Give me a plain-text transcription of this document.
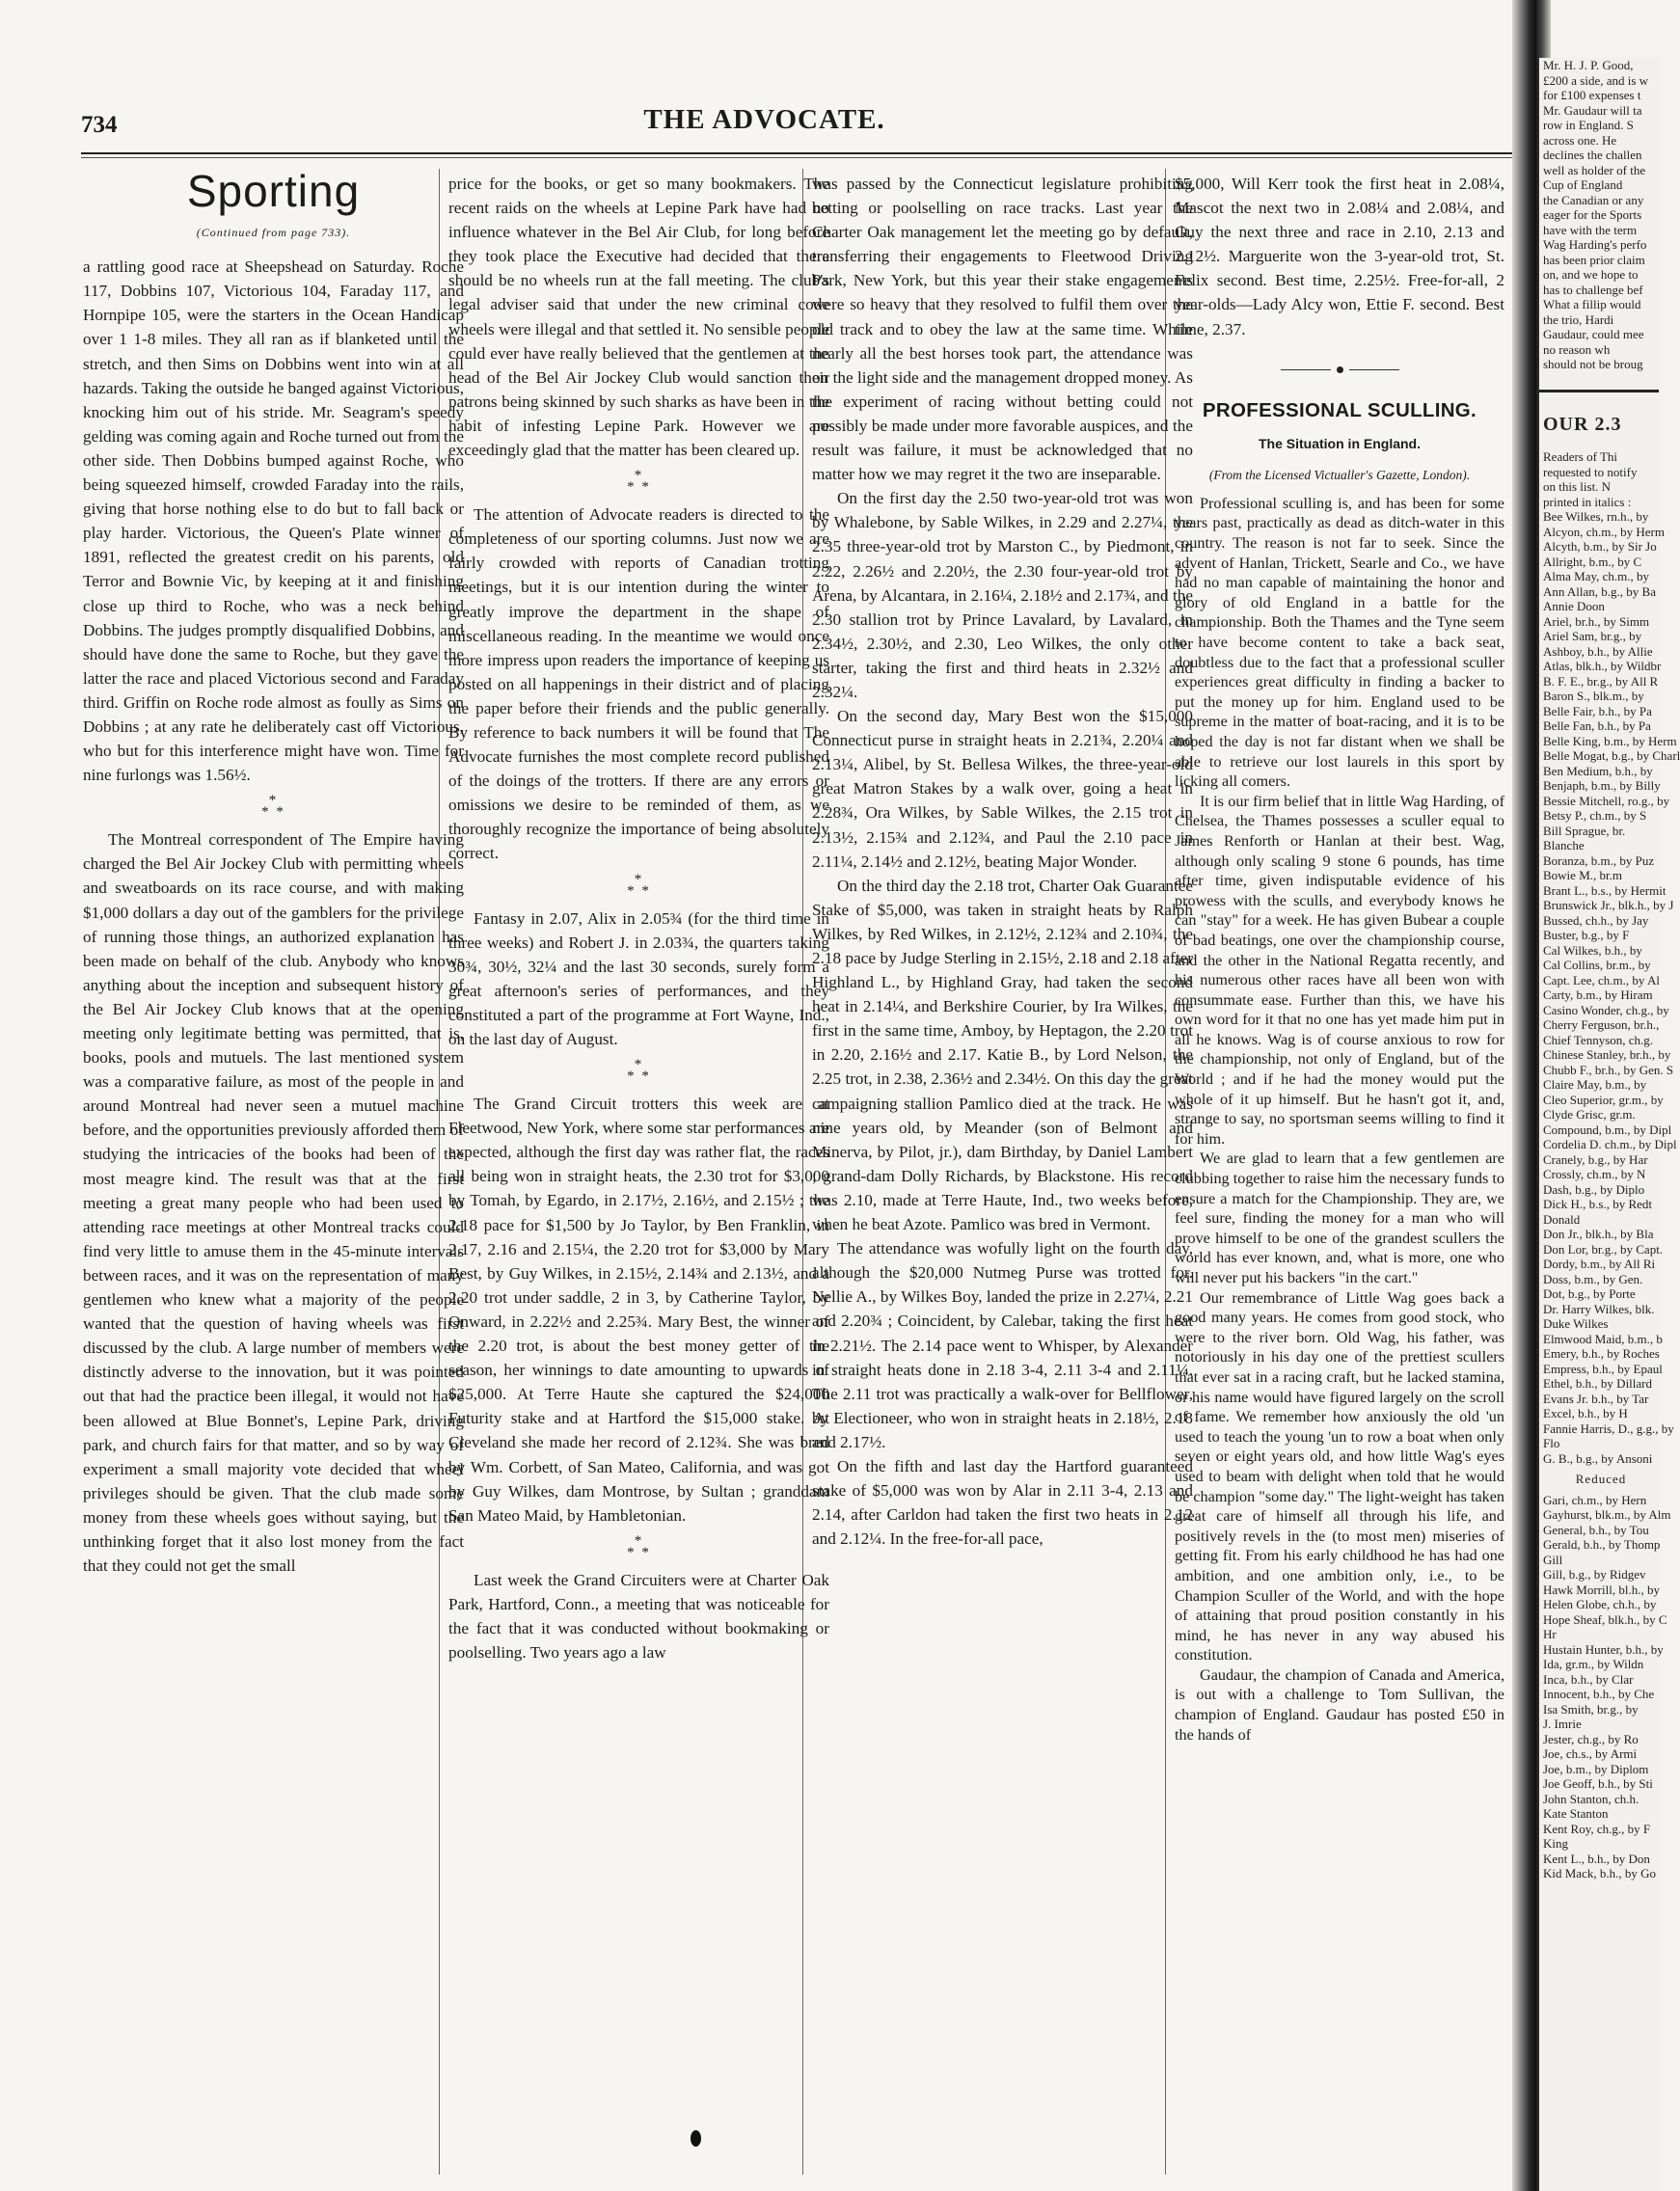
734	THE ADVOCATE.
Sporting
(Continued from page 733).

a rattling good race at Sheepshead on Saturday. Roche 117, Dobbins 107, Victorious 104, Faraday 117, and Hornpipe 105, were the starters in the Ocean Handicap over 1 1-8 miles. They all ran as if blanketed until the stretch, and then Sims on Dobbins went into win at all hazards. Taking the outside he banged against Victorious, knocking him out of his stride. Mr. Seagram's speedy gelding was coming again and Roche turned out from the other side. Then Dobbins bumped against Roche, who being squeezed himself, crowded Faraday into the rails, giving that horse nothing else to do but to fall back or play harder. Victorious, the Queen's Plate winner of 1891, reflected the greatest credit on his parents, old Terror and Bownie Vic, by keeping at it and finishing close up third to Roche, who was a neck behind Dobbins. The judges promptly disqualified Dobbins, and should have done the same to Roche, but they gave the latter the race and placed Victorious second and Faraday third. Griffin on Roche rode almost as foully as Sims on Dobbins ; at any rate he deliberately cast off Victorious, who but for this interference might have won. Time for nine furlongs was 1.56½.

*
* *

The Montreal correspondent of The Empire having charged the Bel Air Jockey Club with permitting wheels and sweatboards on its race course, and with making $1,000 dollars a day out of the gamblers for the privilege of running those things, an authorized explanation has been made on behalf of the club. Anybody who knows anything about the inception and subsequent history of the Bel Air Jockey Club knows that at the opening meeting only legitimate betting was permitted, that is, books, pools and mutuels. The last mentioned system was a comparative failure, as most of the people in and around Montreal had never seen a mutuel machine before, and the opportunities previously afforded them of studying the intricacies of the books had been of the most meagre kind. The result was that at the first meeting a great many people who had been used to attending race meetings at other Montreal tracks could find very little to amuse them in the 45-minute intervals between races, and it was on the representation of many gentlemen who knew what a majority of the people wanted that the question of having wheels was first discussed by the club. A large number of members were distinctly adverse to the innovation, but it was pointed out that had the practice been illegal, it would not have been allowed at Blue Bonnet's, Lepine Park, driving park, and church fairs for that matter, and so by way of experiment a small majority vote decided that wheel privileges should be given. That the club made some money from these wheels goes without saying, but the unthinking forget that it also lost money from the fact that they could not get the small

price for the books, or get so many bookmakers. The recent raids on the wheels at Lepine Park have had no influence whatever in the Bel Air Club, for long before they took place the Executive had decided that there should be no wheels run at the fall meeting. The club's legal adviser said that under the new criminal code wheels were illegal and that settled it. No sensible people could ever have really believed that the gentlemen at the head of the Bel Air Jockey Club would sanction their patrons being skinned by such sharks as have been in the habit of infesting Lepine Park. However we are exceedingly glad that the matter has been cleared up.

*
* *

The attention of Advocate readers is directed to the completeness of our sporting columns. Just now we are fairly crowded with reports of Canadian trotting meetings, but it is our intention during the winter to greatly improve the department in the shape of miscellaneous reading. In the meantime we would once more impress upon readers the importance of keeping us posted on all happenings in their district and of placing the paper before their friends and the public generally. By reference to back numbers it will be found that The Advocate furnishes the most complete record published of the doings of the trotters. If there are any errors or omissions we desire to be reminded of them, as we thoroughly recognize the importance of being absolutely correct.

*
* *

Fantasy in 2.07, Alix in 2.05¾ (for the third time in three weeks) and Robert J. in 2.03¾, the quarters taking 30¾, 30½, 32¼ and the last 30 seconds, surely form a great afternoon's series of performances, and they constituted a part of the programme at Fort Wayne, Ind., on the last day of August.

*
* *

The Grand Circuit trotters this week are at Fleetwood, New York, where some star performances are expected, although the first day was rather flat, the races all being won in straight heats, the 2.30 trot for $3,000 by Tomah, by Egardo, in 2.17½, 2.16½, and 2.15½ ; the 2.18 pace for $1,500 by Jo Taylor, by Ben Franklin, in 2.17, 2.16 and 2.15¼, the 2.20 trot for $3,000 by Mary Best, by Guy Wilkes, in 2.15½, 2.14¾ and 2.13½, and a 2.20 trot under saddle, 2 in 3, by Catherine Taylor, by Onward, in 2.22½ and 2.25¾. Mary Best, the winner of the 2.20 trot, is about the best money getter of the season, her winnings to date amounting to upwards of $25,000. At Terre Haute she captured the $24,000 Futurity stake and at Hartford the $15,000 stake. At Cleveland she made her record of 2.12¾. She was bred by Wm. Corbett, of San Mateo, California, and was got by Guy Wilkes, dam Montrose, by Sultan ; granddam San Mateo Maid, by Hambletonian.

*
* *

Last week the Grand Circuiters were at Charter Oak Park, Hartford, Conn., a meeting that was noticeable for the fact that it was conducted without bookmaking or poolselling. Two years ago a law

was passed by the Connecticut legislature prohibiting betting or poolselling on race tracks. Last year the Charter Oak management let the meeting go by default, transferring their engagements to Fleetwood Driving Park, New York, but this year their stake engagements were so heavy that they resolved to fulfil them over the old track and to obey the law at the same time. While nearly all the best horses took part, the attendance was on the light side and the management dropped money. As the experiment of racing without betting could not possibly be made under more favorable auspices, and the result was failure, it must be acknowledged that no matter how we may regret it the two are inseparable.

On the first day the 2.50 two-year-old trot was won by Whalebone, by Sable Wilkes, in 2.29 and 2.27¼, the 2.35 three-year-old trot by Marston C., by Piedmont, in 2.22, 2.26½ and 2.20½, the 2.30 four-year-old trot by Arena, by Alcantara, in 2.16¼, 2.18½ and 2.17¾, and the 2.30 stallion trot by Prince Lavalard, by Lavalard, in 2.34½, 2.30½, and 2.30, Leo Wilkes, the only other starter, taking the first and third heats in 2.32½ and 2.32¼.

On the second day, Mary Best won the $15,000 Connecticut purse in straight heats in 2.21¾, 2.20¼ and 2.13¼, Alibel, by St. Bellesa Wilkes, the three-year-old great Matron Stakes by a walk over, going a heat in 2.28¾, Ora Wilkes, by Sable Wilkes, the 2.15 trot in 2.13½, 2.15¾ and 2.12¾, and Paul the 2.10 pace in 2.11¼, 2.14½ and 2.12½, beating Major Wonder.

On the third day the 2.18 trot, Charter Oak Guarantee Stake of $5,000, was taken in straight heats by Ralph Wilkes, by Red Wilkes, in 2.12½, 2.12¾ and 2.10¾, the 2.18 pace by Judge Sterling in 2.15½, 2.18 and 2.18 after Highland L., by Highland Gray, had taken the second heat in 2.14¼, and Berkshire Courier, by Ira Wilkes, the first in the same time, Amboy, by Heptagon, the 2.20 trot in 2.20, 2.16½ and 2.17. Katie B., by Lord Nelson, the 2.25 trot, in 2.38, 2.36½ and 2.34½. On this day the great campaigning stallion Pamlico died at the track. He was nine years old, by Meander (son of Belmont and Minerva, by Pilot, jr.), dam Birthday, by Daniel Lambert ; grand-dam Dolly Richards, by Blackstone. His record was 2.10, made at Terre Haute, Ind., two weeks before, when he beat Azote. Pamlico was bred in Vermont.

The attendance was wofully light on the fourth day, although the $20,000 Nutmeg Purse was trotted for. Nellie A., by Wilkes Boy, landed the prize in 2.27¼, 2.21 and 2.20¾ ; Coincident, by Calebar, taking the first heat in 2.21½. The 2.14 pace went to Whisper, by Alexander in straight heats done in 2.18 3-4, 2.11 3-4 and 2.11¼. The 2.11 trot was practically a walk-over for Bellflower, by Electioneer, who won in straight heats in 2.18½, 2.18 and 2.17½.

On the fifth and last day the Hartford guaranteed stake of $5,000 was won by Alar in 2.11 3-4, 2.13 and 2.14, after Carldon had taken the first two heats in 2.12 and 2.12¼. In the free-for-all pace,

$5,000, Will Kerr took the first heat in 2.08¼, Mascot the next two in 2.08¼ and 2.08¼, and Guy the next three and race in 2.10, 2.13 and 2.12½. Marguerite won the 3-year-old trot, St. Felix second. Best time, 2.25½. Free-for-all, 2 year-olds—Lady Alcy won, Ettie F. second. Best time, 2.37.

PROFESSIONAL SCULLING.
The Situation in England.
(From the Licensed Victualler's Gazette, London).

Professional sculling is, and has been for some years past, practically as dead as ditch-water in this country. The reason is not far to seek. Since the advent of Hanlan, Trickett, Searle and Co., we have had no man capable of maintaining the honor and glory of old England in a battle for the championship. Both the Thames and the Tyne seem to have become content to take a back seat, doubtless due to the fact that a professional sculler experiences great difficulty in finding a backer to put the money up for him. England used to be supreme in the matter of boat-racing, and it is to be hoped the day is not far distant when we shall be able to retrieve our lost laurels in this sport by licking all comers.

It is our firm belief that in little Wag Harding, of Chelsea, the Thames possesses a sculler equal to James Renforth or Hanlan at their best. Wag, although only scaling 9 stone 6 pounds, has time after time, given indisputable evidence of his prowess with the sculls, and everybody knows he can "stay" for a week. He has given Bubear a couple of bad beatings, one over the championship course, and the other in the National Regatta recently, and his numerous other races have all been won with consummate ease. Further than this, we have his own word for it that no one has yet made him put in all he knows. Wag is of course anxious to row for the championship, not only of England, but of the World ; and if he had the money would put the whole of it up himself. But he hasn't got it, and, strange to say, no sportsman seems willing to find it for him.

We are glad to learn that a few gentlemen are clubbing together to raise him the necessary funds to ensure a match for the Championship. They are, we feel sure, finding the money for a man who will prove himself to be one of the grandest scullers the world has ever known, and, what is more, one who will never put his backers "in the cart."

Our remembrance of Little Wag goes back a good many years. He comes from good stock, who were to the river born. Old Wag, his father, was notoriously in his day one of the prettiest scullers that ever sat in a racing craft, but he lacked stamina, or his name would have figured largely on the scroll of fame. We remember how anxiously the old 'un used to teach the young 'un to row a boat when only seven or eight years old, and how little Wag's eyes used to beam with delight when told that he would be champion "some day." The light-weight has taken great care of himself all through his life, and positively revels in the (to most men) miseries of getting fit. From his early childhood he has had one ambition, and one ambition only, i.e., to be Champion Sculler of the World, and with the hope of attaining that proud position constantly in his mind, he has never in any way abused his constitution.

Gaudaur, the champion of Canada and America, is out with a challenge to Tom Sullivan, the champion of England. Gaudaur has posted £50 in the hands of

Mr. H. J. P. Good,
£200 a side, and is w
for £100 expenses t
Mr. Gaudaur will ta
row in England. S
across one. He
declines the challen
well as holder of the
Cup of England
the Canadian or any
eager for the Sports
have with the term
Wag Harding's perfo
has been prior claim
on, and we hope to
has to challenge bef
What a fillip would
the trio, Hardi
Gaudaur, could mee
no reason wh
should not be broug
OUR 2.3
Readers of Thi
requested to notify
on this list. N
printed in italics :
Bee Wilkes, rn.h., by
Alcyon, ch.m., by Herm
Alcyth, b.m., by Sir Jo
Allright, b.m., by C
Alma May, ch.m., by
Ann Allan, b.g., by Ba
Annie Doon
Ariel, br.h., by Simm
Ariel Sam, br.g., by
Ashboy, b.h., by Allie
Atlas, blk.h., by Wildbr
B. F. E., br.g., by All R
Baron S., blk.m., by
Belle Fair, b.h., by Pa
Belle Fan, b.h., by Pa
Belle King, b.m., by Herm
Belle Mogat, b.g., by Charl
Ben Medium, b.h., by
Benjaph, b.m., by Billy
Bessie Mitchell, ro.g., by
Betsy P., ch.m., by S
Bill Sprague, br.
Blanche
Boranza, b.m., by Puz
Bowie M., br.m
Brant L., b.s., by Hermit
Brunswick Jr., blk.h., by J
Bussed, ch.h., by Jay
Buster, b.g., by F
Cal Wilkes, b.h., by
Cal Collins, br.m., by
Capt. Lee, ch.m., by Al
Carty, b.m., by Hiram
Casino Wonder, ch.g., by
Cherry Ferguson, br.h.,
Chief Tennyson, ch.g.
Chinese Stanley, br.h., by
Chubb F., br.h., by Gen. S
Claire May, b.m., by
Cleo Superior, gr.m., by
Clyde Grisc, gr.m.
Compound, b.m., by Dipl
Cordelia D. ch.m., by Dipl
Cranely, b.g., by Har
Crossly, ch.m., by N
Dash, b.g., by Diplo
Dick H., b.s., by Redt
Donald
Don Jr., blk.h., by Bla
Don Lor, br.g., by Capt.
Dordy, b.m., by All Ri
Doss, b.m., by Gen.
Dot, b.g., by Porte
Dr. Harry Wilkes, blk.
Duke Wilkes
Elmwood Maid, b.m., b
Emery, b.h., by Roches
Empress, b.h., by Epaul
Ethel, b.h., by Dillard
Evans Jr. b.h., by Tar
Excel, b.h., by H
Fannie Harris, D., g.g., by
Flo
G. B., b.g., by Ansoni
Reduced
Gari, ch.m., by Hern
Gayhurst, blk.m., by Alm
General, b.h., by Tou
Gerald, b.h., by Thomp
Gill
Gill, b.g., by Ridgev
Hawk Morrill, bl.h., by
Helen Globe, ch.h., by
Hope Sheaf, blk.h., by C
Hr
Hustain Hunter, b.h., by
Ida, gr.m., by Wildn
Inca, b.h., by Clar
Innocent, b.h., by Che
Isa Smith, br.g., by
J. Imrie
Jester, ch.g., by Ro
Joe, ch.s., by Armi
Joe, b.m., by Diplom
Joe Geoff, b.h., by Sti
John Stanton, ch.h.
Kate Stanton
Kent Roy, ch.g., by F
King
Kent L., b.h., by Don
Kid Mack, b.h., by Go
